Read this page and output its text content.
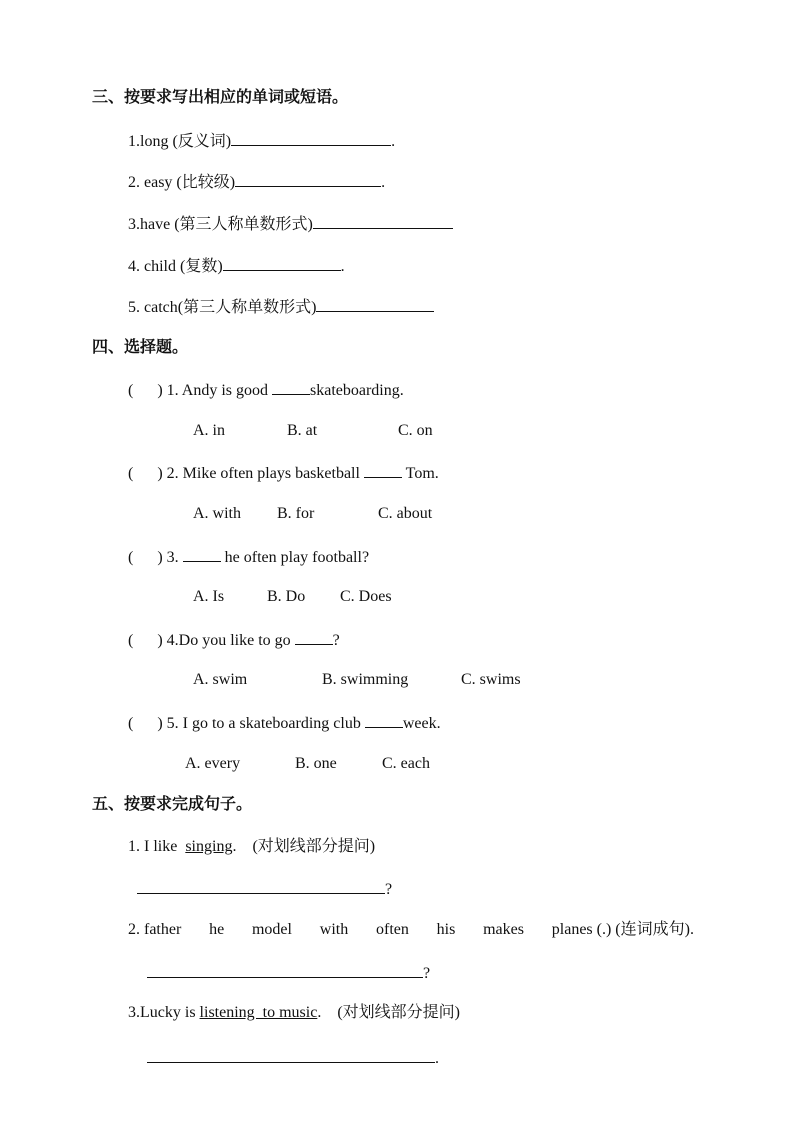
三、按要求写出相应的单词或短语。
1.long (反义词)	.
2. easy (比较级)	.
3.have (第三人称单数形式)
4. child (复数)	.
5. catch(第三人称单数形式)
四、选择题。
( ) 1. Andy is good	skateboarding.
A. in	B. at	C. on
( ) 2. Mike often plays basketball	Tom.
A. with B. for	C. about
( ) 3.	he often play football?
A. Is	B. Do C. Does
( ) 4.Do you like to go	?
A. swim	B. swimming	C. swims
( ) 5. I go to a skateboarding club	week.
A. every	B. one	C. each
五、按要求完成句子。
1. I like singing. (对划线部分提问)
?
2. father he model with often his makes planes (.) (连词成句).
?
3.Lucky is listening  to music. (对划线部分提问)
.
